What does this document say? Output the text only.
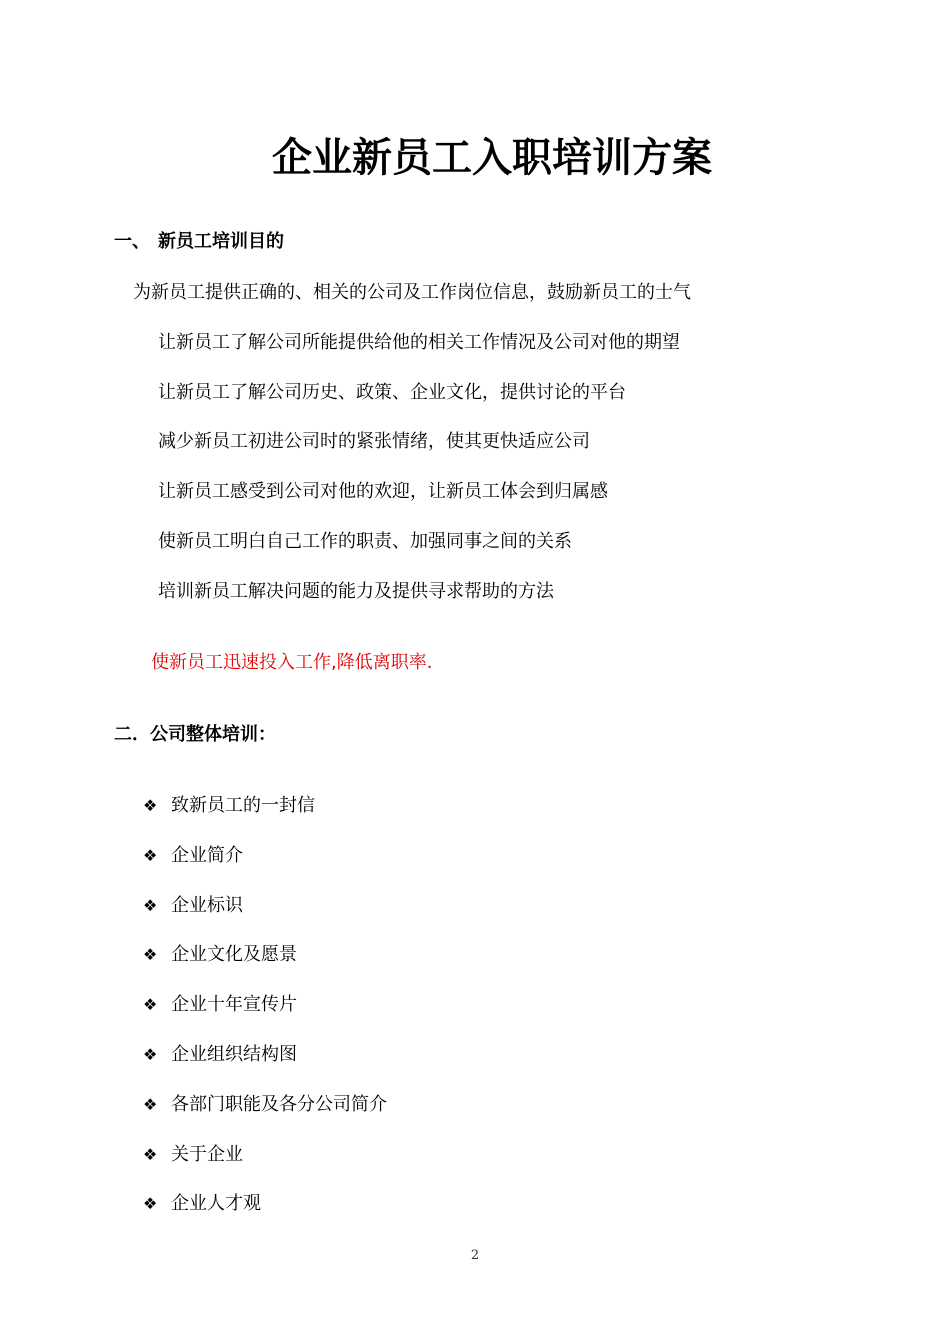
企业新员工入职培训方案
一、 新员工培训目的
为新员工提供正确的、相关的公司及工作岗位信息，鼓励新员工的士气
让新员工了解公司所能提供给他的相关工作情况及公司对他的期望
让新员工了解公司历史、政策、企业文化，提供讨论的平台
减少新员工初进公司时的紧张情绪，使其更快适应公司
让新员工感受到公司对他的欢迎，让新员工体会到归属感
使新员工明白自己工作的职责、加强同事之间的关系
培训新员工解决问题的能力及提供寻求帮助的方法
使新员工迅速投入工作,降低离职率.
二．公司整体培训：
❖ 致新员工的一封信
❖ 企业简介
❖ 企业标识
❖ 企业文化及愿景
❖ 企业十年宣传片
❖ 企业组织结构图
❖ 各部门职能及各分公司简介
❖ 关于企业
❖ 企业人才观
2
